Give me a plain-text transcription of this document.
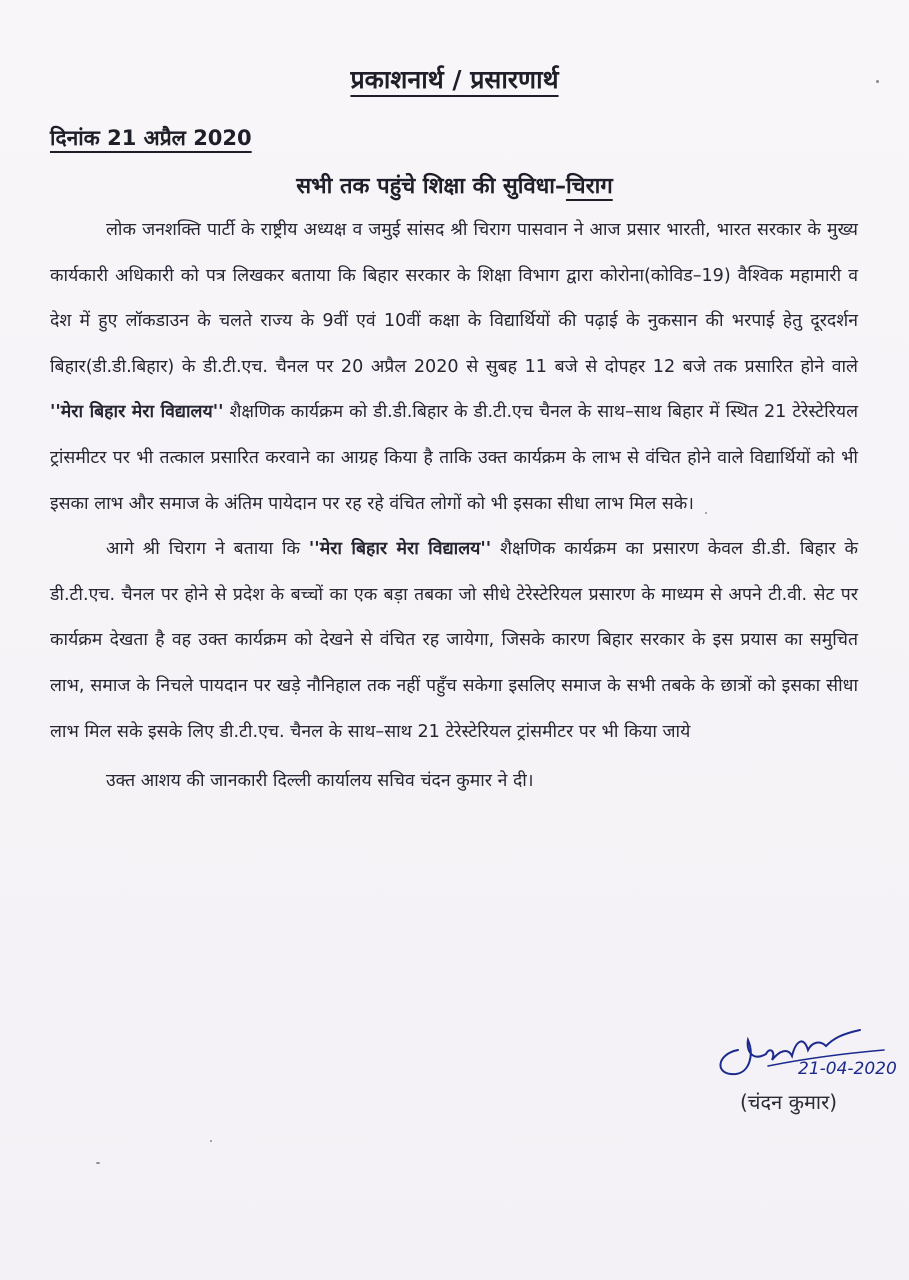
प्रकाशनार्थ / प्रसारणार्थ
दिनांक 21 अप्रैल 2020
सभी तक पहुंचे शिक्षा की सुविधा–चिराग

लोक जनशक्ति पार्टी के राष्ट्रीय अध्यक्ष व जमुई सांसद श्री चिराग पासवान ने आज प्रसार भारती, भारत सरकार के मुख्य कार्यकारी अधिकारी को पत्र लिखकर बताया कि बिहार सरकार के शिक्षा विभाग द्वारा कोरोना(कोविड–19) वैश्विक महामारी व देश में हुए लॉकडाउन के चलते राज्य के 9वीं एवं 10वीं कक्षा के विद्यार्थियों की पढ़ाई के नुकसान की भरपाई हेतु दूरदर्शन बिहार(डी.डी.बिहार) के डी.टी.एच. चैनल पर 20 अप्रैल 2020 से सुबह 11 बजे से दोपहर 12 बजे तक प्रसारित होने वाले ''मेरा बिहार मेरा विद्यालय'' शैक्षणिक कार्यक्रम को डी.डी.बिहार के डी.टी.एच चैनल के साथ–साथ बिहार में स्थित 21 टेरेस्टेरियल ट्रांसमीटर पर भी तत्काल प्रसारित करवाने का आग्रह किया है ताकि उक्त कार्यक्रम के लाभ से वंचित होने वाले विद्यार्थियों को भी इसका लाभ और समाज के अंतिम पायेदान पर रह रहे वंचित लोगों को भी इसका सीधा लाभ मिल सके।

आगे श्री चिराग ने बताया कि ''मेरा बिहार मेरा विद्यालय'' शैक्षणिक कार्यक्रम का प्रसारण केवल डी.डी. बिहार के डी.टी.एच. चैनल पर होने से प्रदेश के बच्चों का एक बड़ा तबका जो सीधे टेरेस्टेरियल प्रसारण के माध्यम से अपने टी.वी. सेट पर कार्यक्रम देखता है वह उक्त कार्यक्रम को देखने से वंचित रह जायेगा, जिसके कारण बिहार सरकार के इस प्रयास का समुचित लाभ, समाज के निचले पायदान पर खड़े नौनिहाल तक नहीं पहुँच सकेगा इसलिए समाज के सभी तबके के छात्रों को इसका सीधा लाभ मिल सके इसके लिए डी.टी.एच. चैनल के साथ–साथ 21 टेरेस्टेरियल ट्रांसमीटर पर भी किया जाये

उक्त आशय की जानकारी दिल्ली कार्यालय सचिव चंदन कुमार ने दी।

21-04-2020
(चंदन कुमार)
